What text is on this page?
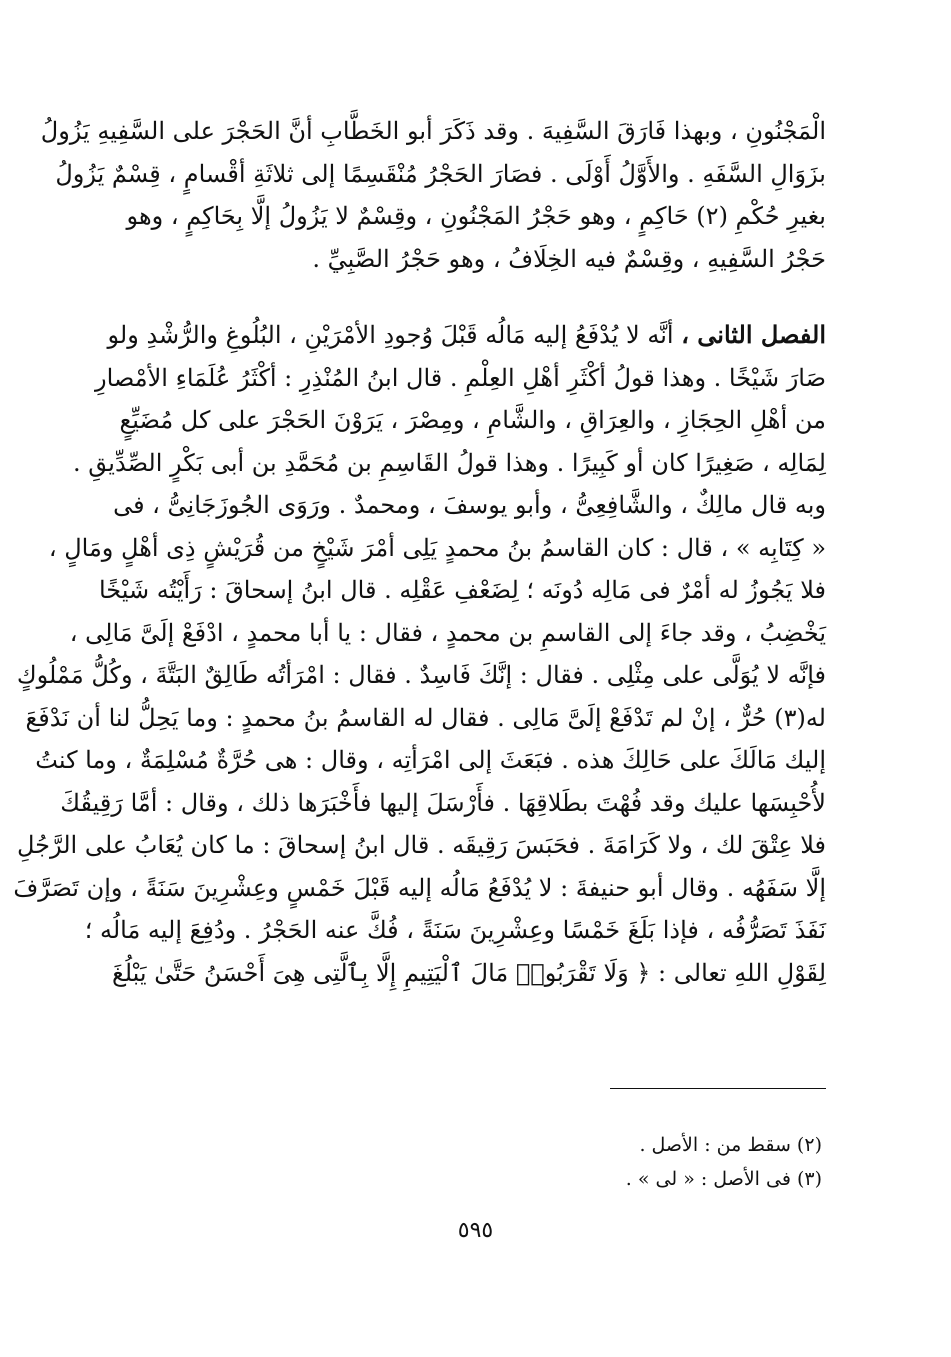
الْمَجْنُونِ ، وبهذا فَارَقَ السَّفِيهَ . وقد ذَكَرَ أبو الخَطَّابِ أنَّ الحَجْرَ على السَّفِيهِ يَزُولُ
بزَوَالِ السَّفَهِ . والأَوَّلُ أَوْلَى . فصَارَ الحَجْرُ مُنْقَسِمًا إلى ثلاثَةِ أقْسامٍ ، قِسْمٌ يَزُولُ
بغيرِ حُكْمِ (٢) حَاكِمٍ ، وهو حَجْرُ المَجْنُونِ ، وقِسْمٌ لا يَزُولُ إلَّا بِحَاكِمٍ ، وهو
حَجْرُ السَّفِيهِ ، وقِسْمٌ فيه الخِلَافُ ، وهو حَجْرُ الصَّبِيِّ .
الفصل الثانى ، أنَّه لا يُدْفَعُ إليه مَالُه قَبْلَ وُجودِ الأمْرَيْنِ ، البُلُوغِ والرُّشْدِ ولو
صَارَ شَيْخًا . وهذا قولُ أكْثَرِ أهْلِ العِلْمِ . قال ابنُ المُنْذِرِ : أكْثَرُ عُلَمَاءِ الأمْصارِ
من أهْلِ الحِجَازِ ، والعِرَاقِ ، والشَّامِ ، ومِصْرَ ، يَرَوْنَ الحَجْرَ على كل مُضَيِّعٍ
لِمَالِه ، صَغِيرًا كان أو كَبِيرًا . وهذا قولُ القَاسِمِ بن مُحَمَّدِ بن أبى بَكْرٍ الصِّدِّيقِ .
وبه قال مالِكٌ ، والشَّافِعِىُّ ، وأبو يوسفَ ، ومحمدٌ . ورَوَى الجُوزَجَانِىُّ ، فى
« كِتَابِه » ، قال : كان القاسمُ بنُ محمدٍ يَلِى أمْرَ شَيْخٍ من قُرَيْشٍ ذِى أهْلٍ ومَالٍ ،
فلا يَجُوزُ له أمْرٌ فى مَالِه دُونَه ؛ لِضَعْفِ عَقْلِه . قال ابنُ إسحاقَ : رَأَيْتُه شَيْخًا
يَخْضِبُ ، وقد جاءَ إلى القاسمِ بن محمدٍ ، فقال : يا أبا محمدٍ ، ادْفَعْ إلَىَّ مَالِى ،
فإنَّه لا يُوَلَّى على مِثْلِى . فقال : إنَّكَ فَاسِدٌ . فقال : امْرَأتُه طَالِقٌ البَتَّةَ ، وكُلُّ مَمْلُوكٍ
له(٣) حُرٌّ ، إنْ لم تَدْفَعْ إلَىَّ مَالِى . فقال له القاسمُ بنُ محمدٍ : وما يَحِلُّ لنا أن نَدْفَعَ
إليك مَالَكَ على حَالِكَ هذه . فبَعَثَ إلى امْرَأتِه ، وقال : هى حُرَّةٌ مُسْلِمَةٌ ، وما كنتُ
لأُحْبِسَها عليك وقد فُهْتَ بطَلاقِهَا . فأَرْسَلَ إليها فأَخْبَرَها ذلك ، وقال : أمَّا رَقِيقُكَ
فلا عِتْقَ لك ، ولا كَرَامَةَ . فحَبَسَ رَقِيقَه . قال ابنُ إسحاقَ : ما كان يُعَابُ على الرَّجُلِ
إلَّا سَفَهُه . وقال أبو حنيفةَ : لا يُدْفَعُ مَالُه إليه قَبْلَ خَمْسٍ وعِشْرِينَ سَنَةً ، وإن تَصَرَّفَ
نَفَذَ تَصَرُّفُه ، فإذا بَلَغَ خَمْسًا وعِشْرِينَ سَنَةً ، فُكَّ عنه الحَجْرُ . ودُفِعَ إليه مَالُه ؛
لِقَوْلِ اللهِ تعالى : ﴿ وَلَا تَقْرَبُوا۟ مَالَ ٱلْيَتِيمِ إِلَّا بِٱلَّتِى هِىَ أَحْسَنُ حَتَّىٰ يَبْلُغَ
(٢) سقط من : الأصل .
(٣) فى الأصل : « لى » .
٥٩٥
